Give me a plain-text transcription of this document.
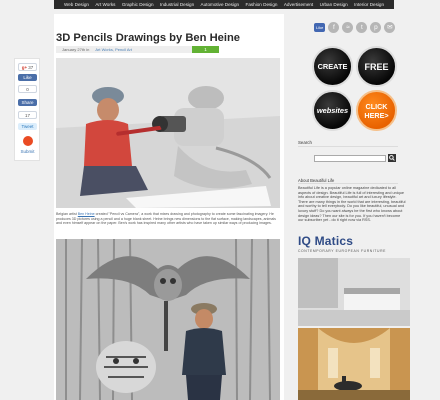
Web Design Art Works Graphic Design Industrial Design Automotive Design Fashion Design Advertisement Urban Design Interior Design
g+ 37
Like
0
Share
17
Tweet
Submit
3D Pencils Drawings by Ben Heine
January 27th in Art Works, Pencil Art	1

Belgian artist Ben Heine created "Pencil vs Camera", a work that mixes drawing and photography to create some fascinating imagery. He produces 3D pictures using a pencil and a huge blank sheet. Heine brings new dimensions to the flat surface, making landscapes, animals and even himself appear on the paper. Ben's work has inspired many other artists who have taken up similar ways of producing images.

Like	f	≈	t	p	✉
CREATE FREE
websites	CLICK HERE>
Search
About Beautiful Life

Beautiful Life is a popular online magazine dedicated to all aspects of design. Beautiful Life is full of interesting and unique info about creative design, beautiful art and luxury lifestyle. There are many things in the world that are interesting, beautiful and worthy to tell everybody. Do you like beautiful, unusual and luxury stuff? Do you want always be the first who knows about design ideas? Then our site is for you. If you haven't become our subscriber yet - do it right now via RSS.

IQ Matics
CONTEMPORARY EUROPEAN FURNITURE
